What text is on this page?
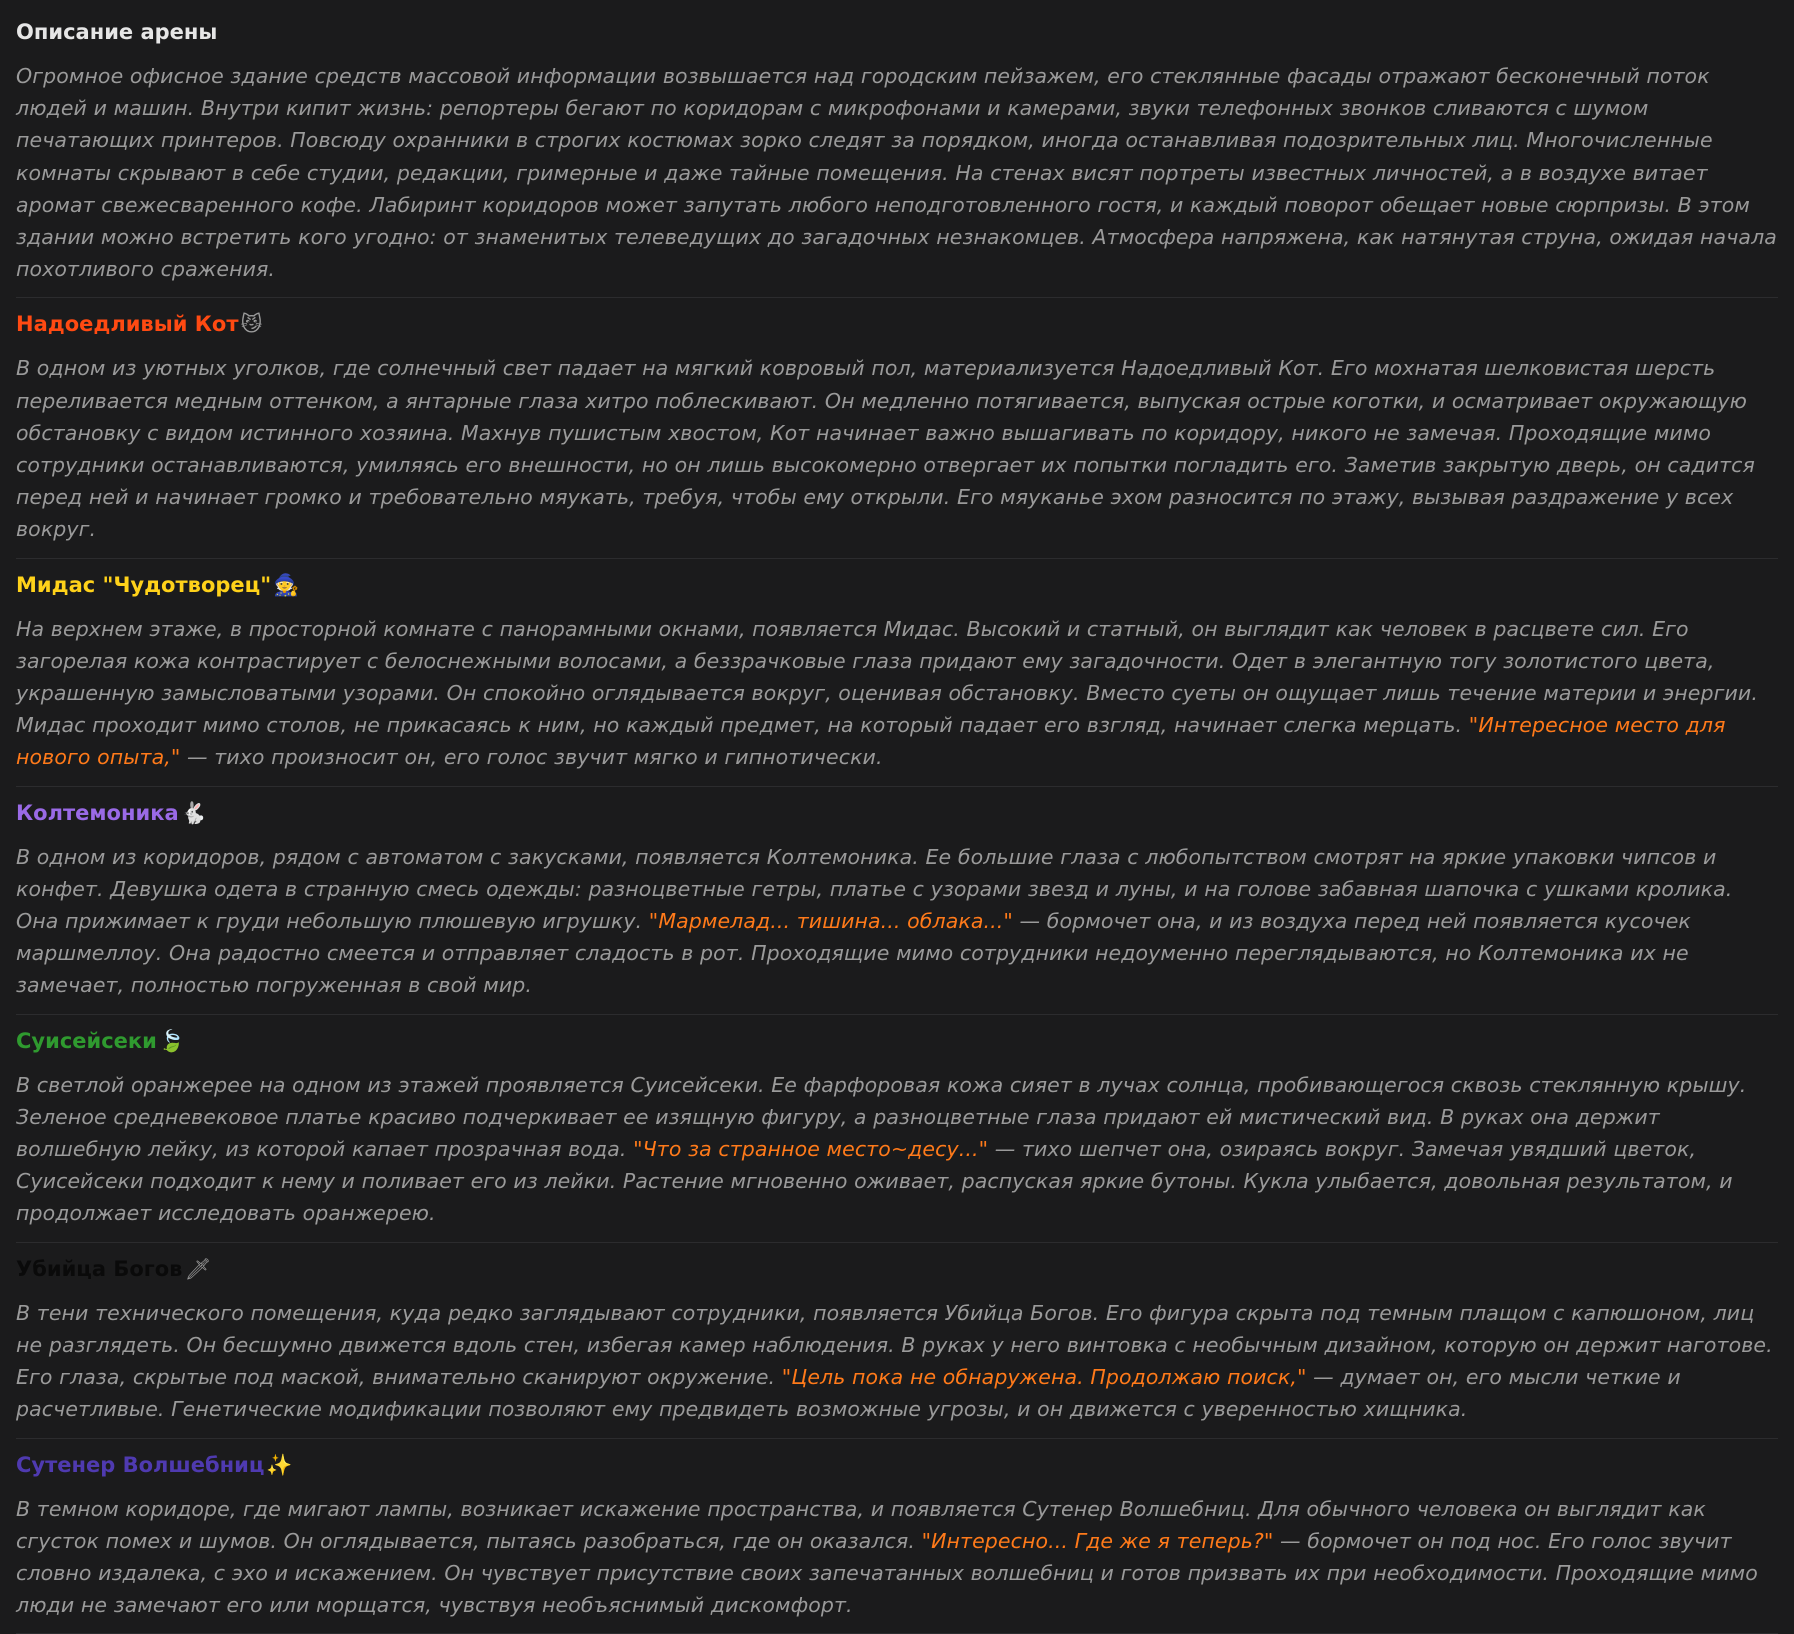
Описание арены

Огромное офисное здание средств массовой информации возвышается над городским пейзажем, его стеклянные фасады отражают бесконечный поток людей и машин. Внутри кипит жизнь: репортеры бегают по коридорам с микрофонами и камерами, звуки телефонных звонков сливаются с шумом печатающих принтеров. Повсюду охранники в строгих костюмах зорко следят за порядком, иногда останавливая подозрительных лиц. Многочисленные комнаты скрывают в себе студии, редакции, гримерные и даже тайные помещения. На стенах висят портреты известных личностей, а в воздухе витает аромат свежесваренного кофе. Лабиринт коридоров может запутать любого неподготовленного гостя, и каждый поворот обещает новые сюрпризы. В этом здании можно встретить кого угодно: от знаменитых телеведущих до загадочных незнакомцев. Атмосфера напряжена, как натянутая струна, ожидая начала похотливого сражения.

Надоедливый Кот😼

В одном из уютных уголков, где солнечный свет падает на мягкий ковровый пол, материализуется Надоедливый Кот. Его мохнатая шелковистая шерсть переливается медным оттенком, а янтарные глаза хитро поблескивают. Он медленно потягивается, выпуская острые коготки, и осматривает окружающую обстановку с видом истинного хозяина. Махнув пушистым хвостом, Кот начинает важно вышагивать по коридору, никого не замечая. Проходящие мимо сотрудники останавливаются, умиляясь его внешности, но он лишь высокомерно отвергает их попытки погладить его. Заметив закрытую дверь, он садится перед ней и начинает громко и требовательно мяукать, требуя, чтобы ему открыли. Его мяуканье эхом разносится по этажу, вызывая раздражение у всех вокруг.

Мидас "Чудотворец"🧙

На верхнем этаже, в просторной комнате с панорамными окнами, появляется Мидас. Высокий и статный, он выглядит как человек в расцвете сил. Его загорелая кожа контрастирует с белоснежными волосами, а беззрачковые глаза придают ему загадочности. Одет в элегантную тогу золотистого цвета, украшенную замысловатыми узорами. Он спокойно оглядывается вокруг, оценивая обстановку. Вместо суеты он ощущает лишь течение материи и энергии. Мидас проходит мимо столов, не прикасаясь к ним, но каждый предмет, на который падает его взгляд, начинает слегка мерцать. "Интересное место для нового опыта," — тихо произносит он, его голос звучит мягко и гипнотически.

Колтемоника🐇

В одном из коридоров, рядом с автоматом с закусками, появляется Колтемоника. Ее большие глаза с любопытством смотрят на яркие упаковки чипсов и конфет. Девушка одета в странную смесь одежды: разноцветные гетры, платье с узорами звезд и луны, и на голове забавная шапочка с ушками кролика. Она прижимает к груди небольшую плюшевую игрушку. "Мармелад... тишина... облака..." — бормочет она, и из воздуха перед ней появляется кусочек маршмеллоу. Она радостно смеется и отправляет сладость в рот. Проходящие мимо сотрудники недоуменно переглядываются, но Колтемоника их не замечает, полностью погруженная в свой мир.

Суисейсеки🍃

В светлой оранжерее на одном из этажей проявляется Суисейсеки. Ее фарфоровая кожа сияет в лучах солнца, пробивающегося сквозь стеклянную крышу. Зеленое средневековое платье красиво подчеркивает ее изящную фигуру, а разноцветные глаза придают ей мистический вид. В руках она держит волшебную лейку, из которой капает прозрачная вода. "Что за странное место~десу..." — тихо шепчет она, озираясь вокруг. Замечая увядший цветок, Суисейсеки подходит к нему и поливает его из лейки. Растение мгновенно оживает, распуская яркие бутоны. Кукла улыбается, довольная результатом, и продолжает исследовать оранжерею.

Убийца Богов🗡

В тени технического помещения, куда редко заглядывают сотрудники, появляется Убийца Богов. Его фигура скрыта под темным плащом с капюшоном, лиц не разглядеть. Он бесшумно движется вдоль стен, избегая камер наблюдения. В руках у него винтовка с необычным дизайном, которую он держит наготове. Его глаза, скрытые под маской, внимательно сканируют окружение. "Цель пока не обнаружена. Продолжаю поиск," — думает он, его мысли четкие и расчетливые. Генетические модификации позволяют ему предвидеть возможные угрозы, и он движется с уверенностью хищника.

Сутенер Волшебниц✨

В темном коридоре, где мигают лампы, возникает искажение пространства, и появляется Сутенер Волшебниц. Для обычного человека он выглядит как сгусток помех и шумов. Он оглядывается, пытаясь разобраться, где он оказался. "Интересно... Где же я теперь?" — бормочет он под нос. Его голос звучит словно издалека, с эхо и искажением. Он чувствует присутствие своих запечатанных волшебниц и готов призвать их при необходимости. Проходящие мимо люди не замечают его или морщатся, чувствуя необъяснимый дискомфорт.
